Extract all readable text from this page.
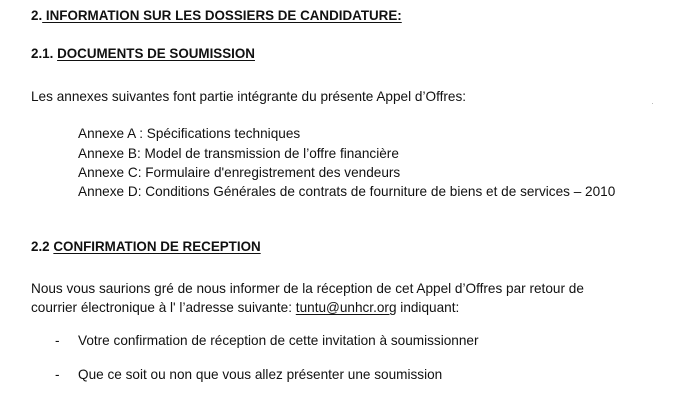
2. INFORMATION SUR LES DOSSIERS DE CANDIDATURE:
2.1. DOCUMENTS DE SOUMISSION
Les annexes suivantes font partie intégrante du présente Appel d’Offres:
Annexe A : Spécifications techniques
Annexe B: Model de transmission de l’offre financière
Annexe C: Formulaire d'enregistrement des vendeurs
Annexe D: Conditions Générales de contrats de fourniture de biens et de services – 2010
2.2 CONFIRMATION DE RECEPTION
Nous vous saurions gré de nous informer de la réception de cet Appel d’Offres par retour de
courrier électronique à l' l’adresse suivante: tuntu@unhcr.org indiquant:
- Votre confirmation de réception de cette invitation à soumissionner
- Que ce soit ou non que vous allez présenter une soumission
